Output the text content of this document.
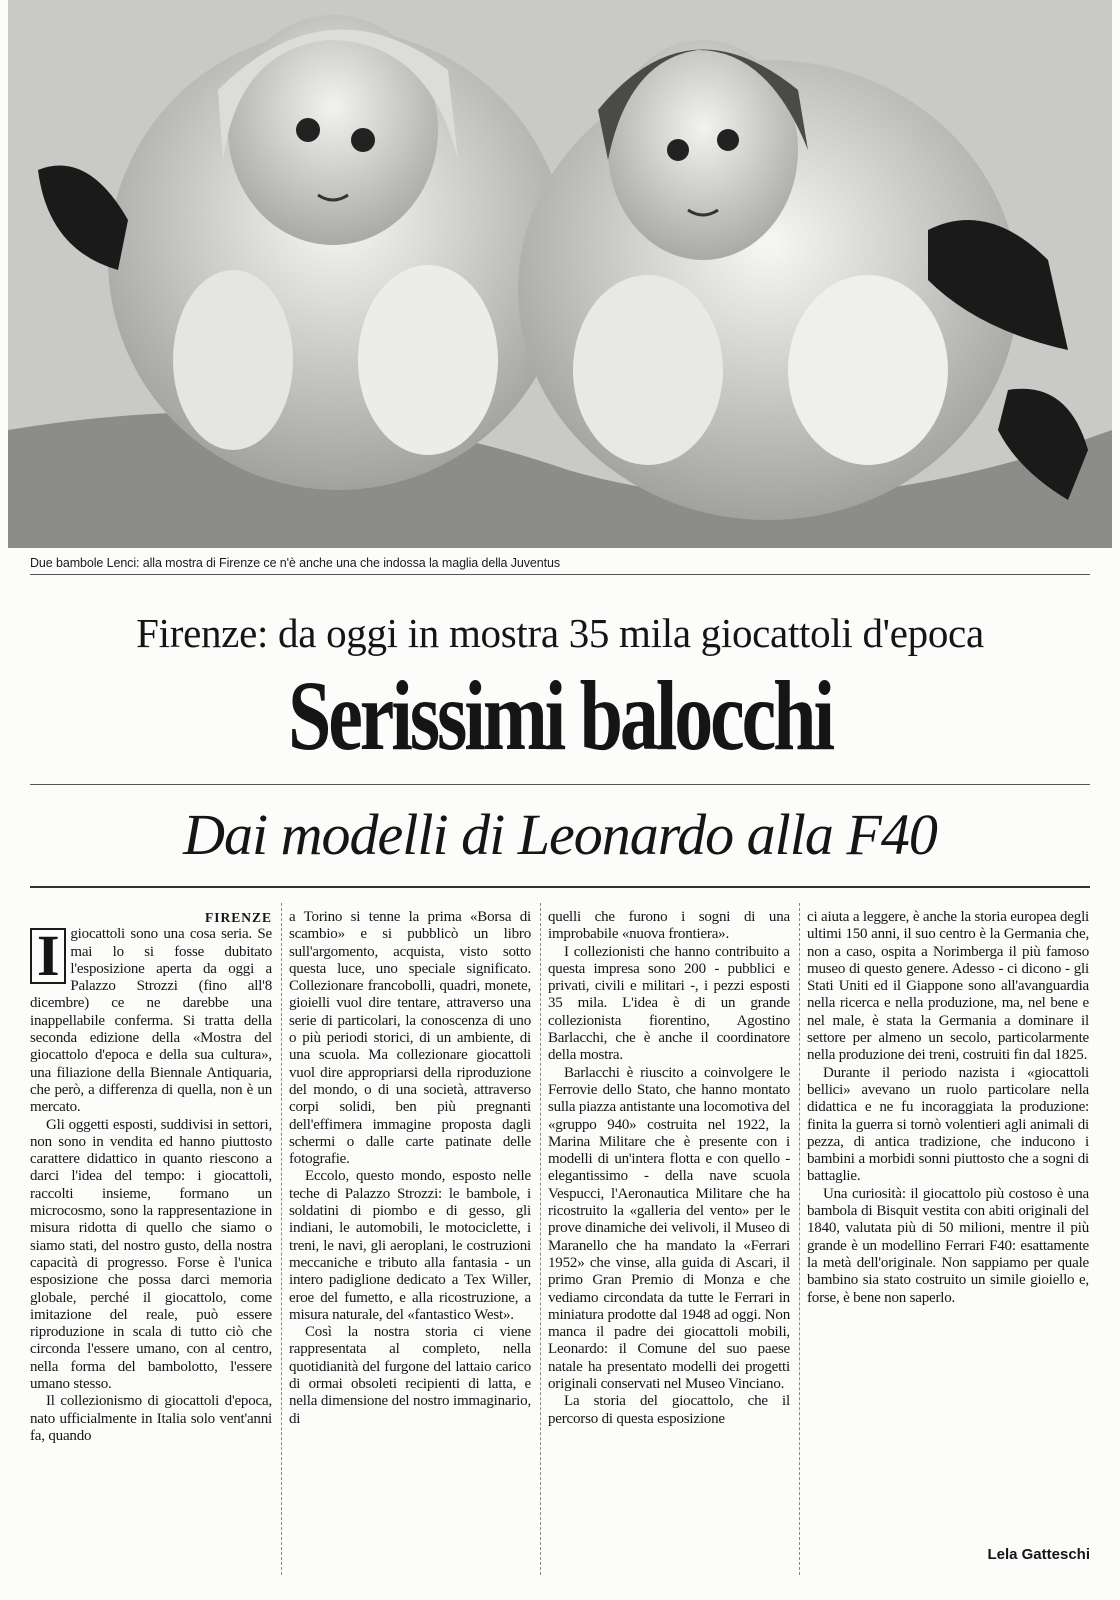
Due bambole Lenci: alla mostra di Firenze ce n'è anche una che indossa la maglia della Juventus
Firenze: da oggi in mostra 35 mila giocattoli d'epoca
Serissimi balocchi
Dai modelli di Leonardo alla F40
FIRENZE

I giocattoli sono una cosa seria. Se mai lo si fosse dubitato l'esposizione aperta da oggi a Palazzo Strozzi (fino all'8 dicembre) ce ne darebbe una inappellabile conferma. Si tratta della seconda edizione della «Mostra del giocattolo d'epoca e della sua cultura», una filiazione della Biennale Antiquaria, che però, a differenza di quella, non è un mercato.

Gli oggetti esposti, suddivisi in settori, non sono in vendita ed hanno piuttosto carattere didattico in quanto riescono a darci l'idea del tempo: i giocattoli, raccolti insieme, formano un microcosmo, sono la rappresentazione in misura ridotta di quello che siamo o siamo stati, del nostro gusto, della nostra capacità di progresso. Forse è l'unica esposizione che possa darci memoria globale, perché il giocattolo, come imitazione del reale, può essere riproduzione in scala di tutto ciò che circonda l'essere umano, con al centro, nella forma del bambolotto, l'essere umano stesso.

Il collezionismo di giocattoli d'epoca, nato ufficialmente in Italia solo vent'anni fa, quando

a Torino si tenne la prima «Borsa di scambio» e si pubblicò un libro sull'argomento, acquista, visto sotto questa luce, uno speciale significato. Collezionare francobolli, quadri, monete, gioielli vuol dire tentare, attraverso una serie di particolari, la conoscenza di uno o più periodi storici, di un ambiente, di una scuola. Ma collezionare giocattoli vuol dire appropriarsi della riproduzione del mondo, o di una società, attraverso corpi solidi, ben più pregnanti dell'effimera immagine proposta dagli schermi o dalle carte patinate delle fotografie.

Eccolo, questo mondo, esposto nelle teche di Palazzo Strozzi: le bambole, i soldatini di piombo e di gesso, gli indiani, le automobili, le motociclette, i treni, le navi, gli aeroplani, le costruzioni meccaniche e tributo alla fantasia - un intero padiglione dedicato a Tex Willer, eroe del fumetto, e alla ricostruzione, a misura naturale, del «fantastico West».

Così la nostra storia ci viene rappresentata al completo, nella quotidianità del furgone del lattaio carico di ormai obsoleti recipienti di latta, e nella dimensione del nostro immaginario, di

quelli che furono i sogni di una improbabile «nuova frontiera».

I collezionisti che hanno contribuito a questa impresa sono 200 - pubblici e privati, civili e militari -, i pezzi esposti 35 mila. L'idea è di un grande collezionista fiorentino, Agostino Barlacchi, che è anche il coordinatore della mostra.

Barlacchi è riuscito a coinvolgere le Ferrovie dello Stato, che hanno montato sulla piazza antistante una locomotiva del «gruppo 940» costruita nel 1922, la Marina Militare che è presente con i modelli di un'intera flotta e con quello - elegantissimo - della nave scuola Vespucci, l'Aeronautica Militare che ha ricostruito la «galleria del vento» per le prove dinamiche dei velivoli, il Museo di Maranello che ha mandato la «Ferrari 1952» che vinse, alla guida di Ascari, il primo Gran Premio di Monza e che vediamo circondata da tutte le Ferrari in miniatura prodotte dal 1948 ad oggi. Non manca il padre dei giocattoli mobili, Leonardo: il Comune del suo paese natale ha presentato modelli dei progetti originali conservati nel Museo Vinciano.

La storia del giocattolo, che il percorso di questa esposizione

ci aiuta a leggere, è anche la storia europea degli ultimi 150 anni, il suo centro è la Germania che, non a caso, ospita a Norimberga il più famoso museo di questo genere. Adesso - ci dicono - gli Stati Uniti ed il Giappone sono all'avanguardia nella ricerca e nella produzione, ma, nel bene e nel male, è stata la Germania a dominare il settore per almeno un secolo, particolarmente nella produzione dei treni, costruiti fin dal 1825.

Durante il periodo nazista i «giocattoli bellici» avevano un ruolo particolare nella didattica e ne fu incoraggiata la produzione: finita la guerra si tornò volentieri agli animali di pezza, di antica tradizione, che inducono i bambini a morbidi sonni piuttosto che a sogni di battaglie.

Una curiosità: il giocattolo più costoso è una bambola di Bisquit vestita con abiti originali del 1840, valutata più di 50 milioni, mentre il più grande è un modellino Ferrari F40: esattamente la metà dell'originale. Non sappiamo per quale bambino sia stato costruito un simile gioiello e, forse, è bene non saperlo.

Lela Gatteschi
